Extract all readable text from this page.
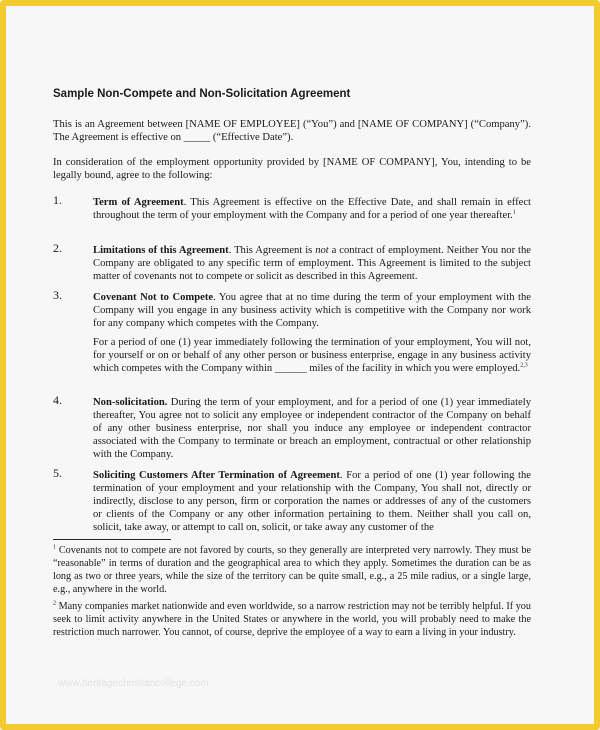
Sample Non-Compete and Non-Solicitation Agreement
This is an Agreement between [NAME OF EMPLOYEE] (“You”) and [NAME OF COMPANY] (“Company”). The Agreement is effective on _____ (“Effective Date”).
In consideration of the employment opportunity provided by [NAME OF COMPANY], You, intending to be legally bound, agree to the following:
1.	Term of Agreement. This Agreement is effective on the Effective Date, and shall remain in effect throughout the term of your employment with the Company and for a period of one year thereafter.$^1$
2.	Limitations of this Agreement. This Agreement is not a contract of employment. Neither You nor the Company are obligated to any specific term of employment. This Agreement is limited to the subject matter of covenants not to compete or solicit as described in this Agreement.
3.	Covenant Not to Compete. You agree that at no time during the term of your employment with the Company will you engage in any business activity which is competitive with the Company nor work for any company which competes with the Company.
For a period of one (1) year immediately following the termination of your employment, You will not, for yourself or on or behalf of any other person or business enterprise, engage in any business activity which competes with the Company within ______ miles of the facility in which you were employed.$^{2,3}$
4.	Non-solicitation. During the term of your employment, and for a period of one (1) year immediately thereafter, You agree not to solicit any employee or independent contractor of the Company on behalf of any other business enterprise, nor shall you induce any employee or independent contractor associated with the Company to terminate or breach an employment, contractual or other relationship with the Company.
5.	Soliciting Customers After Termination of Agreement. For a period of one (1) year following the termination of your employment and your relationship with the Company, You shall not, directly or indirectly, disclose to any person, firm or corporation the names or addresses of any of the customers or clients of the Company or any other information pertaining to them. Neither shall you call on, solicit, take away, or attempt to call on, solicit, or take away any customer of the
$^1$ Covenants not to compete are not favored by courts, so they generally are interpreted very narrowly. They must be “reasonable” in terms of duration and the geographical area to which they apply. Sometimes the duration can be as long as two or three years, while the size of the territory can be quite small, e.g., a 25 mile radius, or a single large, e.g., anywhere in the world.
$^2$ Many companies market nationwide and even worldwide, so a narrow restriction may not be terribly helpful. If you seek to limit activity anywhere in the United States or anywhere in the world, you will probably need to make the restriction much narrower. You cannot, of course, deprive the employee of a way to earn a living in your industry.
www.heritagechristiancollege.com
